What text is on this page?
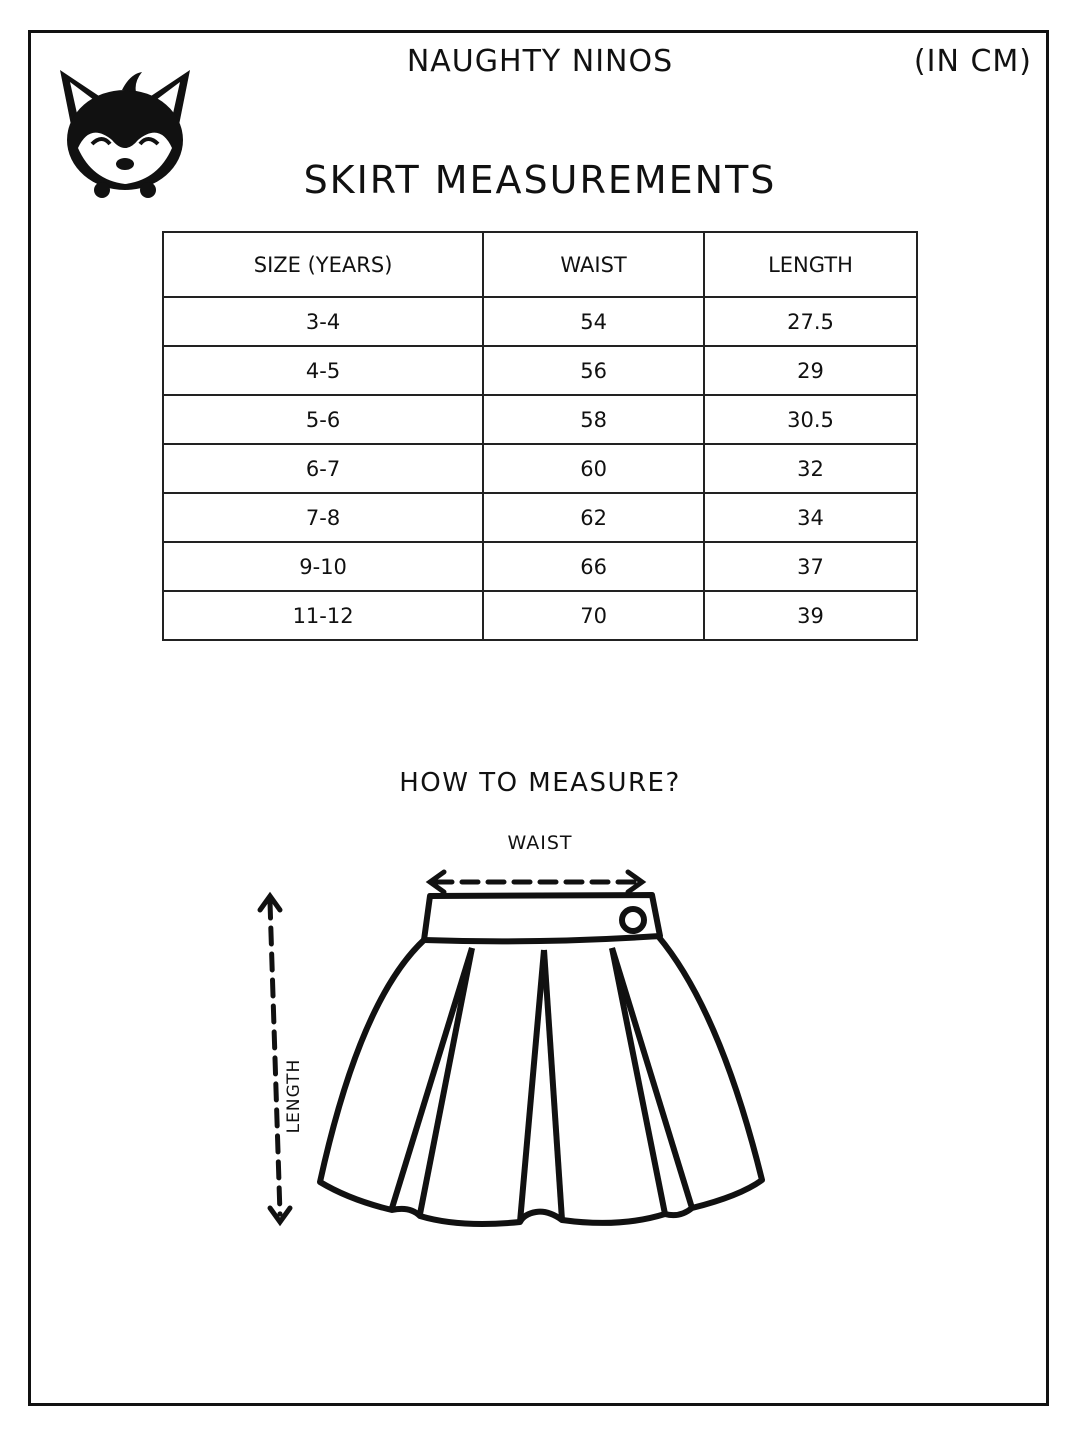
NAUGHTY NINOS	(IN CM)
SKIRT MEASUREMENTS
SIZE (YEARS)	WAIST	LENGTH
3-4	54	27.5
4-5	56	29
5-6	58	30.5
6-7	60	32
7-8	62	34
9-10	66	37
11-12	70	39
HOW TO MEASURE?
WAIST
LENGTH
